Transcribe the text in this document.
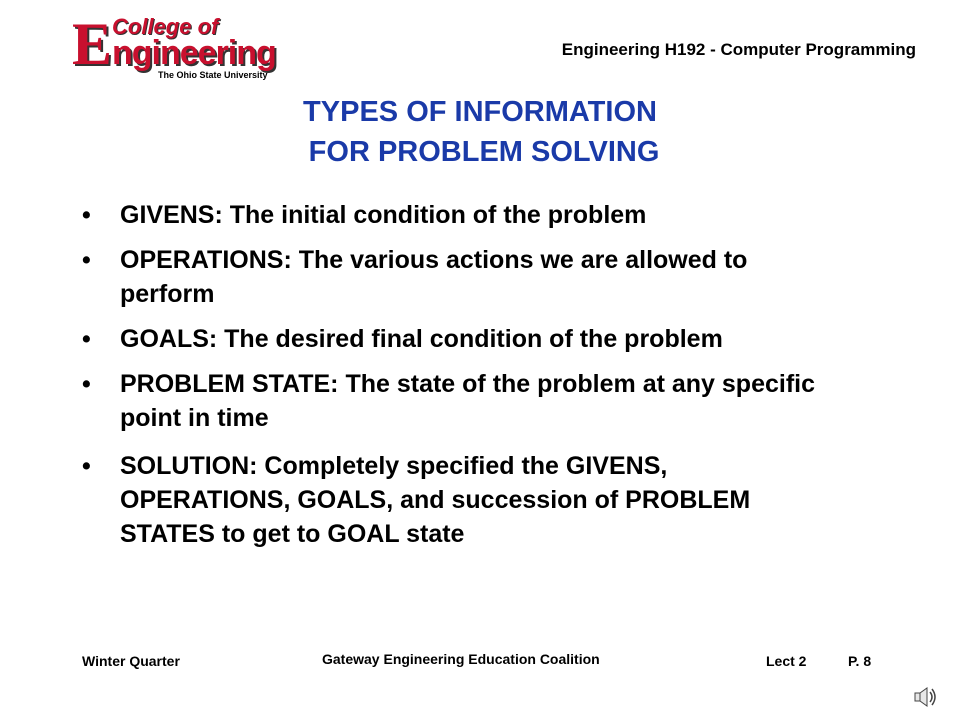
E College of
ngineering
The Ohio State University
Engineering H192 - Computer Programming
TYPES OF INFORMATION
FOR PROBLEM SOLVING
• GIVENS: The initial condition of the problem
• OPERATIONS: The various actions we are allowed to perform
• GOALS: The desired final condition of the problem
• PROBLEM STATE: The state of the problem at any specific point in time
• SOLUTION: Completely specified the GIVENS, OPERATIONS, GOALS, and succession of PROBLEM STATES to get to GOAL state
Winter Quarter	Gateway Engineering Education Coalition	Lect 2	P. 8
